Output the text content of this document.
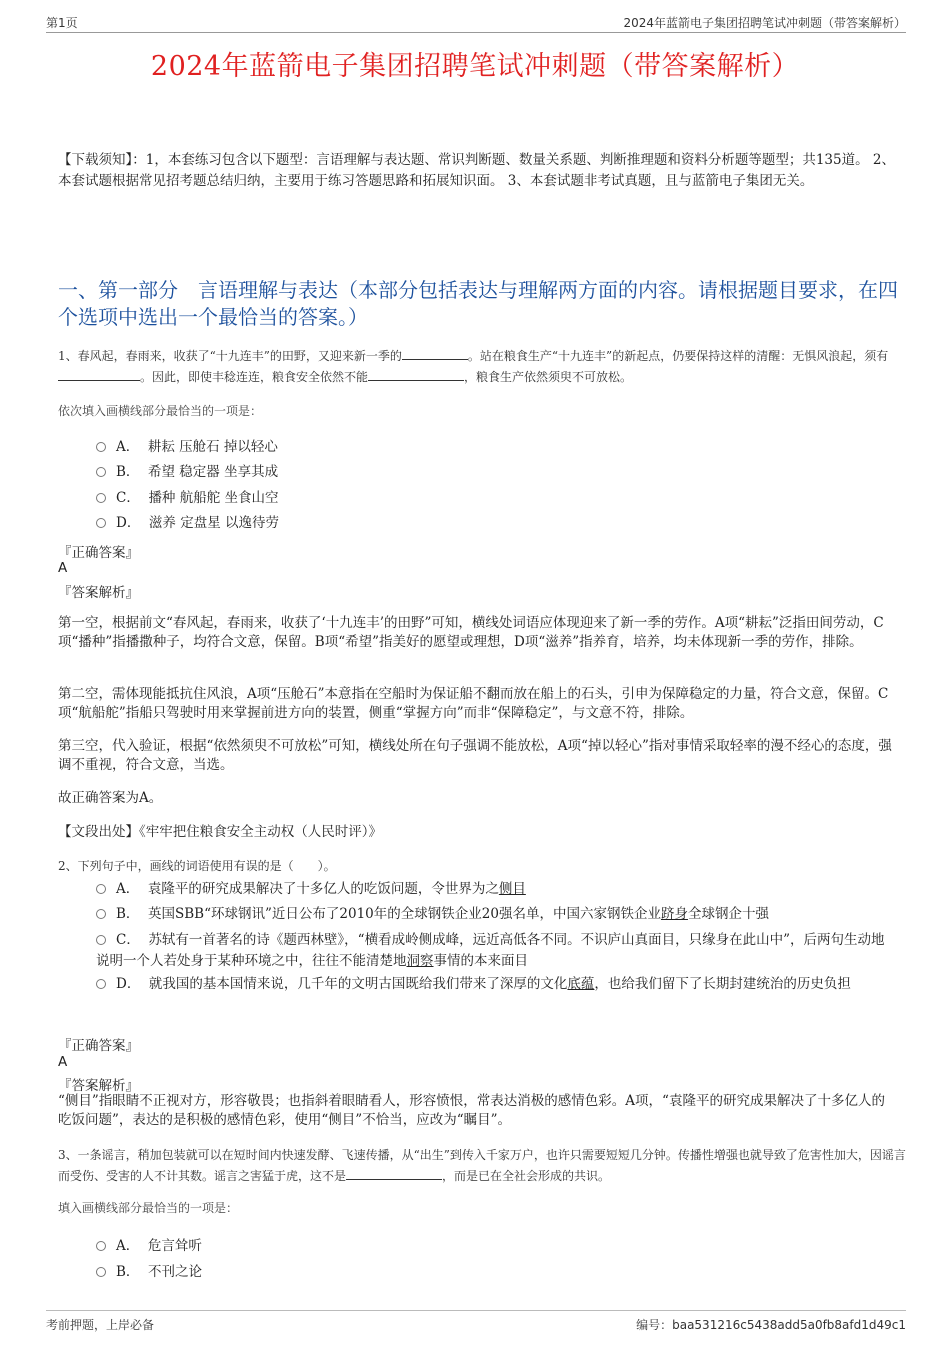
第1页	2024年蓝箭电子集团招聘笔试冲刺题（带答案解析）
2024年蓝箭电子集团招聘笔试冲刺题（带答案解析）
【下载须知】：1，本套练习包含以下题型：言语理解与表达题、常识判断题、数量关系题、判断推理题和资料分析题等题型；共135道。 2、本套试题根据常见招考题总结归纳，主要用于练习答题思路和拓展知识面。 3、本套试题非考试真题，且与蓝箭电子集团无关。
一、第一部分　言语理解与表达（本部分包括表达与理解两方面的内容。请根据题目要求，在四个选项中选出一个最恰当的答案。）
1、春风起，春雨来，收获了“十九连丰”的田野，又迎来新一季的	。站在粮食生产“十九连丰”的新起点，仍要保持这样的清醒：无惧风浪起，须有。因此，即使丰稔连连，粮食安全依然不能	，粮食生产依然须臾不可放松。
依次填入画横线部分最恰当的一项是：
A． 耕耘 压舱石 掉以轻心
B． 希望 稳定器 坐享其成
C． 播种 航船舵 坐食山空
D． 滋养 定盘星 以逸待劳
『正确答案』
A
『答案解析』
第一空，根据前文“春风起，春雨来，收获了‘十九连丰’的田野”可知，横线处词语应体现迎来了新一季的劳作。A项“耕耘”泛指田间劳动，C项“播种”指播撒种子，均符合文意，保留。B项“希望”指美好的愿望或理想，D项“滋养”指养育，培养，均未体现新一季的劳作，排除。
第二空，需体现能抵抗住风浪，A项“压舱石”本意指在空船时为保证船不翻而放在船上的石头，引申为保障稳定的力量，符合文意，保留。C项“航船舵”指船只驾驶时用来掌握前进方向的装置，侧重“掌握方向”而非“保障稳定”，与文意不符，排除。
第三空，代入验证，根据“依然须臾不可放松”可知，横线处所在句子强调不能放松，A项“掉以轻心”指对事情采取轻率的漫不经心的态度，强调不重视，符合文意，当选。
故正确答案为A。
【文段出处】《牢牢把住粮食安全主动权（人民时评）》
2、下列句子中，画线的词语使用有误的是（　　）。
A． 袁隆平的研究成果解决了十多亿人的吃饭问题，令世界为之侧目
B． 英国SBB“环球钢讯”近日公布了2010年的全球钢铁企业20强名单，中国六家钢铁企业跻身全球钢企十强
C． 苏轼有一首著名的诗《题西林壁》，“横看成岭侧成峰，远近高低各不同。不识庐山真面目，只缘身在此山中”，后两句生动地说明一个人若处身于某种环境之中，往往不能清楚地洞察事情的本来面目
D． 就我国的基本国情来说，几千年的文明古国既给我们带来了深厚的文化底蕴，也给我们留下了长期封建统治的历史负担
『正确答案』
A
『答案解析』
“侧目”指眼睛不正视对方，形容敬畏；也指斜着眼睛看人，形容愤恨，常表达消极的感情色彩。A项，“袁隆平的研究成果解决了十多亿人的吃饭问题”，表达的是积极的感情色彩，使用“侧目”不恰当，应改为“瞩目”。
3、一条谣言，稍加包装就可以在短时间内快速发酵、飞速传播，从“出生”到传入千家万户，也许只需要短短几分钟。传播性增强也就导致了危害性加大，因谣言而受伤、受害的人不计其数。谣言之害猛于虎，这不是	，而是已在全社会形成的共识。
填入画横线部分最恰当的一项是：
A． 危言耸听
B． 不刊之论
考前押题，上岸必备	编号：baa531216c5438add5a0fb8afd1d49c1
